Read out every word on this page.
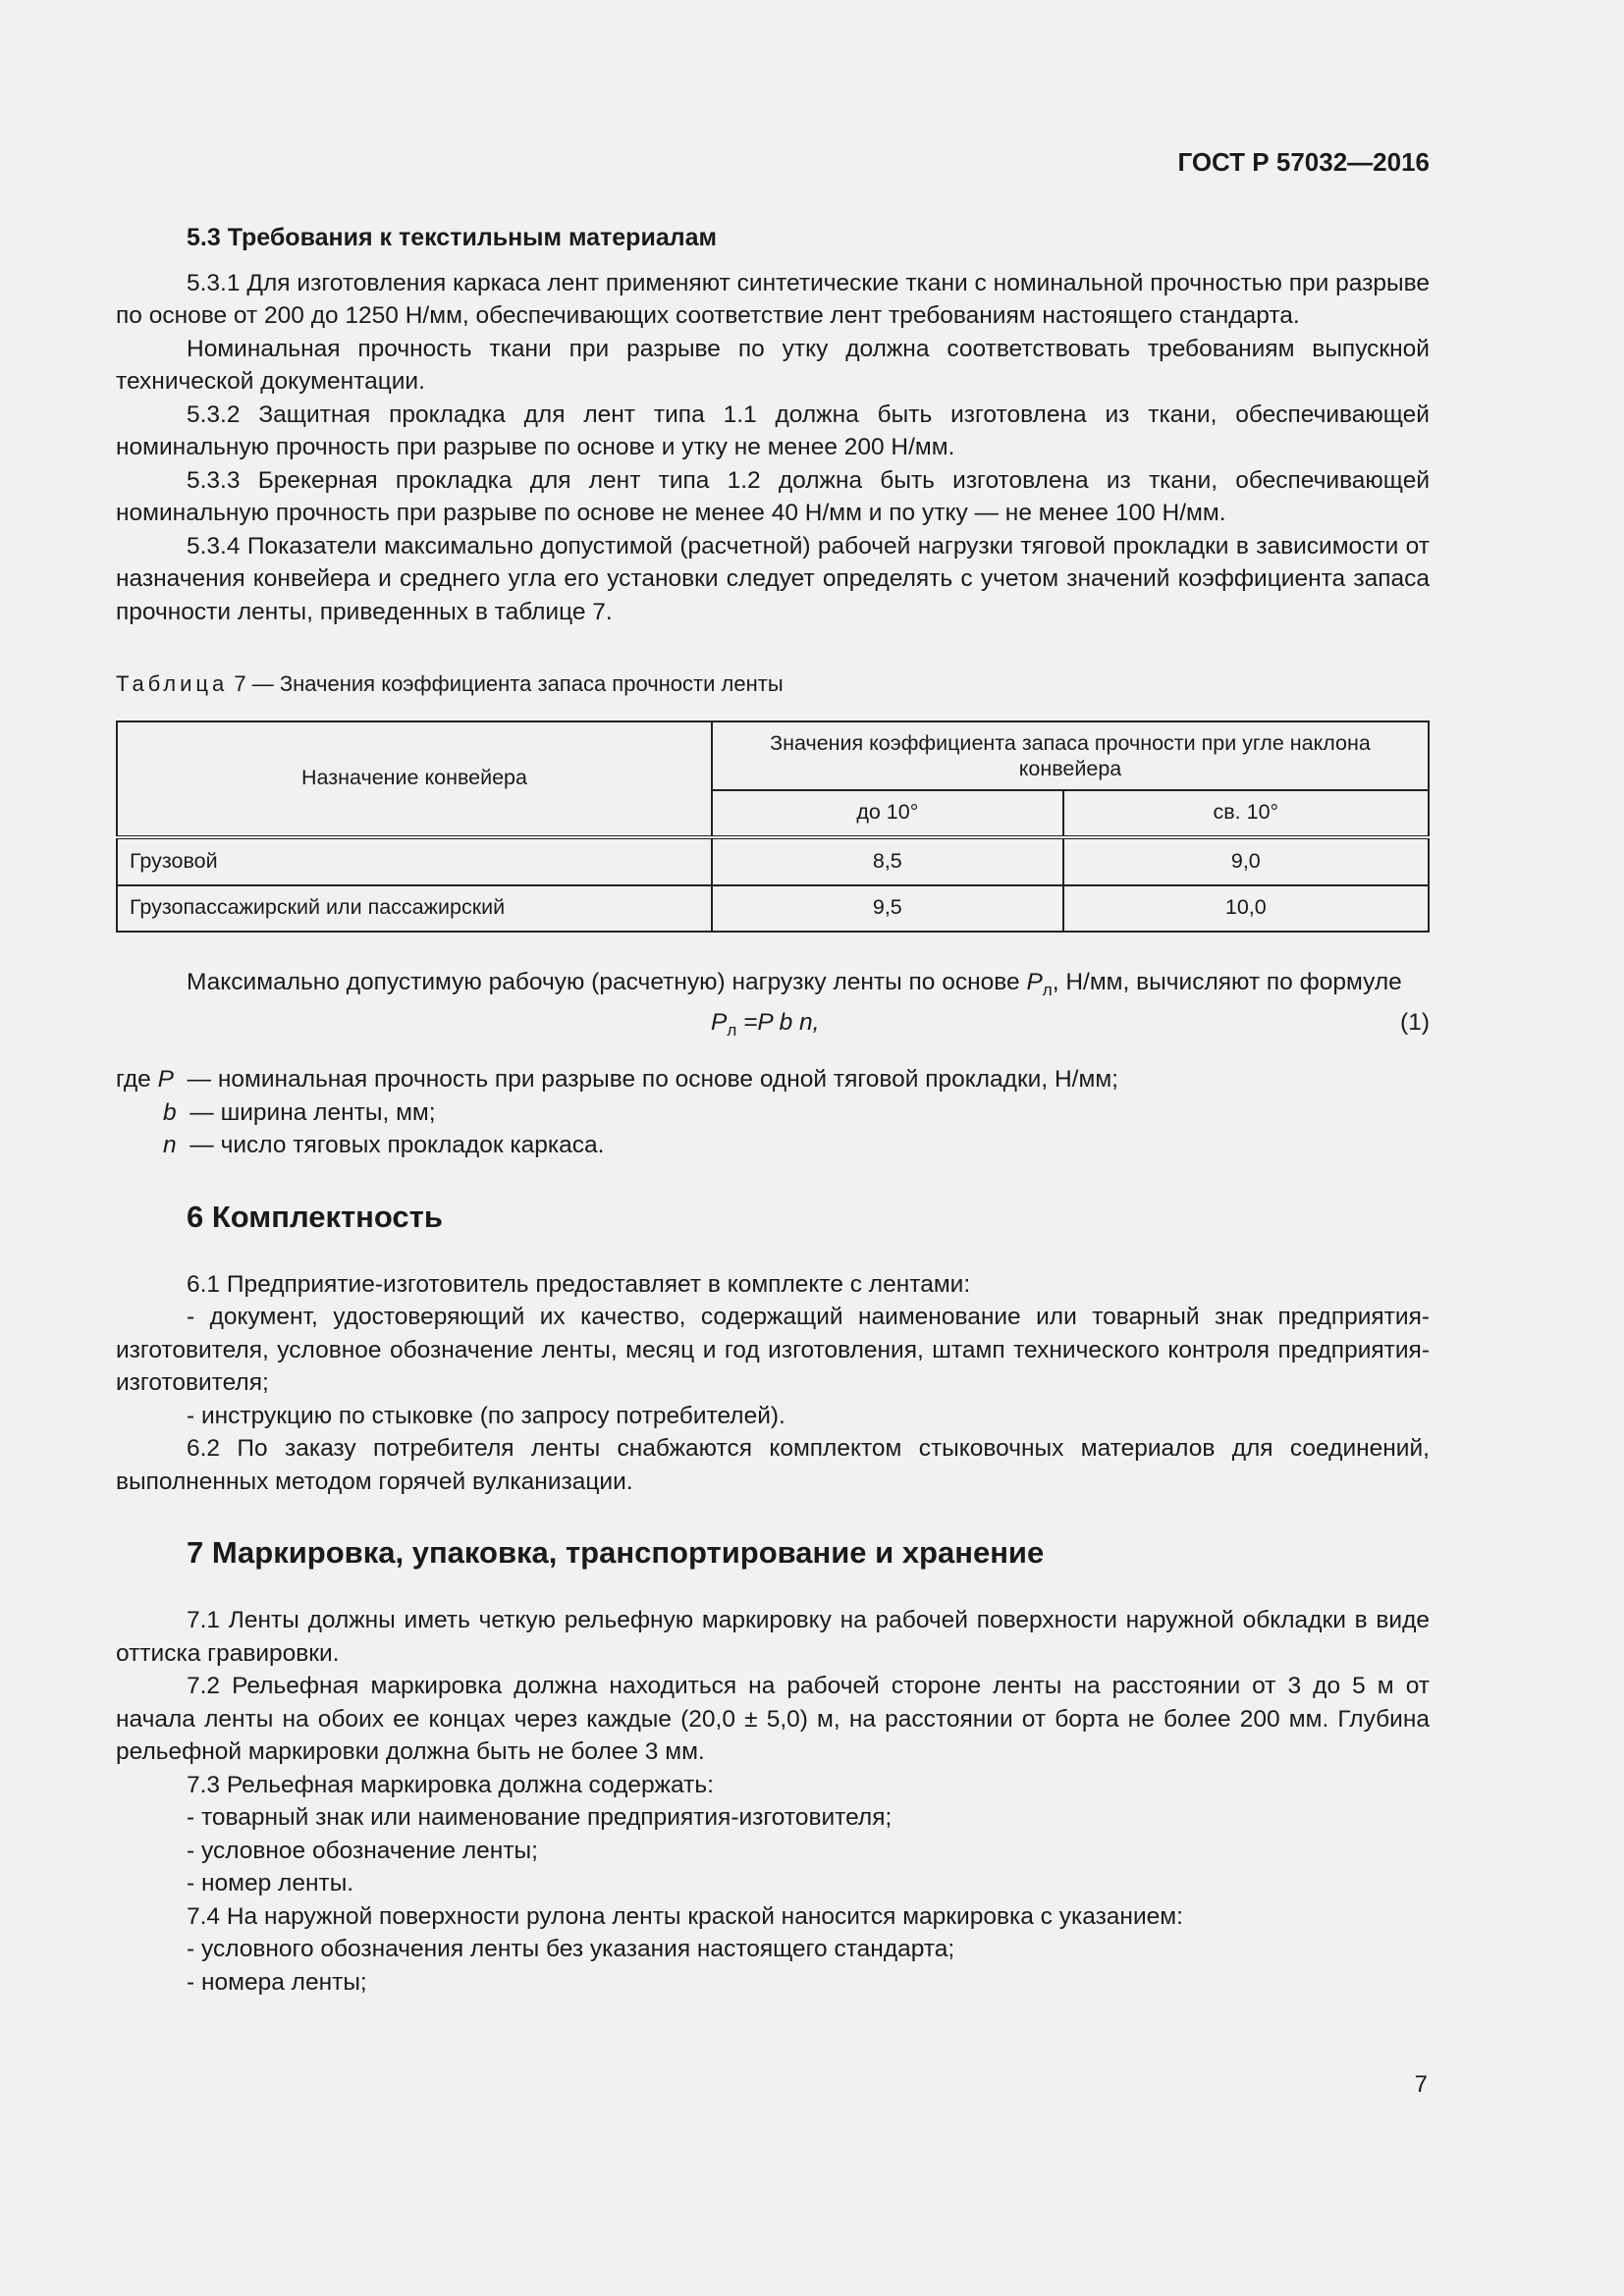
ГОСТ Р 57032—2016
5.3 Требования к текстильным материалам

5.3.1 Для изготовления каркаса лент применяют синтетические ткани с номинальной прочностью при разрыве по основе от 200 до 1250 Н/мм, обеспечивающих соответствие лент требованиям настоящего стандарта.

Номинальная прочность ткани при разрыве по утку должна соответствовать требованиям выпускной технической документации.

5.3.2 Защитная прокладка для лент типа 1.1 должна быть изготовлена из ткани, обеспечивающей номинальную прочность при разрыве по основе и утку не менее 200 Н/мм.

5.3.3 Брекерная прокладка для лент типа 1.2 должна быть изготовлена из ткани, обеспечивающей номинальную прочность при разрыве по основе не менее 40 Н/мм и по утку — не менее 100 Н/мм.

5.3.4 Показатели максимально допустимой (расчетной) рабочей нагрузки тяговой прокладки в зависимости от назначения конвейера и среднего угла его установки следует определять с учетом значений коэффициента запаса прочности ленты, приведенных в таблице 7.

Таблица 7 — Значения коэффициента запаса прочности ленты
Назначение конвейера	Значения коэффициента запаса прочности при угле наклона конвейера	
	до 10°	св. 10°
Грузовой	8,5	9,0
Грузопассажирский или пассажирский	9,5	10,0

Максимально допустимую рабочую (расчетную) нагрузку ленты по основе $P_л$, Н/мм, вычисляют по формуле

$P_л =P$ b n,	(1)

где P — номинальная прочность при разрыве по основе одной тяговой прокладки, Н/мм;

b — ширина ленты, мм;

n — число тяговых прокладок каркаса.

6 Комплектность

6.1 Предприятие-изготовитель предоставляет в комплекте с лентами:

- документ, удостоверяющий их качество, содержащий наименование или товарный знак предприятия-изготовителя, условное обозначение ленты, месяц и год изготовления, штамп технического контроля предприятия-изготовителя;

- инструкцию по стыковке (по запросу потребителей).

6.2 По заказу потребителя ленты снабжаются комплектом стыковочных материалов для соединений, выполненных методом горячей вулканизации.

7 Маркировка, упаковка, транспортирование и хранение

7.1 Ленты должны иметь четкую рельефную маркировку на рабочей поверхности наружной обкладки в виде оттиска гравировки.

7.2 Рельефная маркировка должна находиться на рабочей стороне ленты на расстоянии от 3 до 5 м от начала ленты на обоих ее концах через каждые (20,0 ± 5,0) м, на расстоянии от борта не более 200 мм. Глубина рельефной маркировки должна быть не более 3 мм.

7.3 Рельефная маркировка должна содержать:

- товарный знак или наименование предприятия-изготовителя;

- условное обозначение ленты;

- номер ленты.

7.4 На наружной поверхности рулона ленты краской наносится маркировка с указанием:

- условного обозначения ленты без указания настоящего стандарта;

- номера ленты;

7
